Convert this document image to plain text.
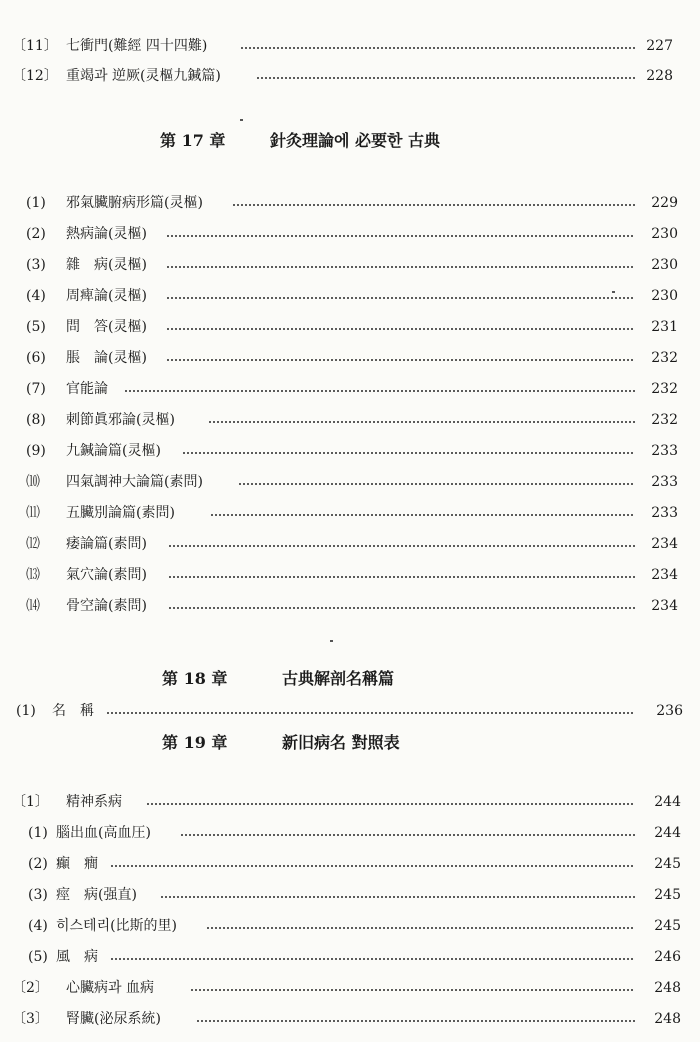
〔11〕 七衝門(難經 四十四難)	227
〔12〕 重竭과 逆厥(灵樞九鍼篇)	228
第 17 章	針灸理論에 必要한 古典
(1) 邪氣臟腑病形篇(灵樞)	229
(2) 熱病論(灵樞)	230
(3) 雜　病(灵樞)	230
(4) 周痺論(灵樞)	230
(5) 問　答(灵樞)	231
(6) 脹　論(灵樞)	232
(7) 官能論	232
(8) 刺節眞邪論(灵樞)	232
(9) 九鍼論篇(灵樞)	233
⑽ 四氣調神大論篇(素問)	233
⑾ 五臟別論篇(素問)	233
⑿ 痿論篇(素問)	234
⒀ 氣穴論(素問)	234
⒁ 骨空論(素問)	234
第 18 章	古典解剖名稱篇
(1) 名　稱	236
第 19 章	新旧病名 對照表
〔1〕 精神系病	244
(1) 腦出血(高血圧)	244
(2) 癲　癎	245
(3) 痙　病(强直)	245
(4) 히스테리(比斯的里)	245
(5) 風　病	246
〔2〕 心臟病과 血病	248
〔3〕 腎臟(泌尿系統)	248
